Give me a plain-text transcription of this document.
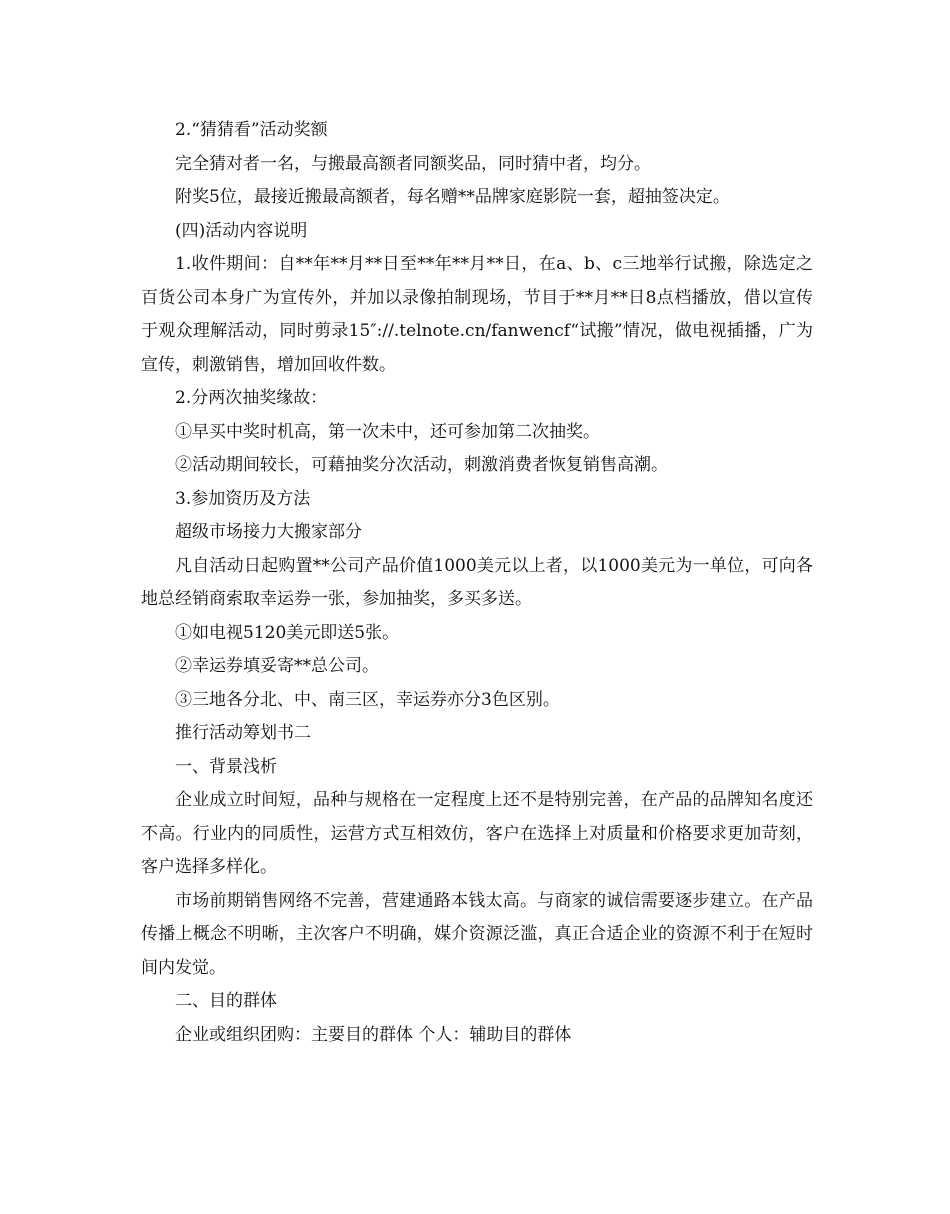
2.“猜猜看”活动奖额

完全猜对者一名，与搬最高额者同额奖品，同时猜中者，均分。

附奖5位，最接近搬最高额者，每名赠**品牌家庭影院一套，超抽签决定。

(四)活动内容说明

1.收件期间：自**年**月**日至**年**月**日，在a、b、c三地举行试搬，除选定之百货公司本身广为宣传外，并加以录像拍制现场，节目于**月**日8点档播放，借以宣传于观众理解活动，同时剪录15″://.telnote.cn/fanwencf“试搬”情况，做电视插播，广为宣传，刺激销售，增加回收件数。

2.分两次抽奖缘故：

①早买中奖时机高，第一次未中，还可参加第二次抽奖。

②活动期间较长，可藉抽奖分次活动，刺激消费者恢复销售高潮。

3.参加资历及方法

超级市场接力大搬家部分

凡自活动日起购置**公司产品价值1000美元以上者，以1000美元为一单位，可向各地总经销商索取幸运券一张，参加抽奖，多买多送。

①如电视5120美元即送5张。

②幸运券填妥寄**总公司。

③三地各分北、中、南三区，幸运券亦分3色区别。

推行活动筹划书二

一、背景浅析

企业成立时间短，品种与规格在一定程度上还不是特别完善，在产品的品牌知名度还不高。行业内的同质性，运营方式互相效仿，客户在选择上对质量和价格要求更加苛刻，客户选择多样化。

市场前期销售网络不完善，营建通路本钱太高。与商家的诚信需要逐步建立。在产品传播上概念不明晰，主次客户不明确，媒介资源泛滥，真正合适企业的资源不利于在短时间内发觉。

二、目的群体

企业或组织团购：主要目的群体 个人：辅助目的群体
